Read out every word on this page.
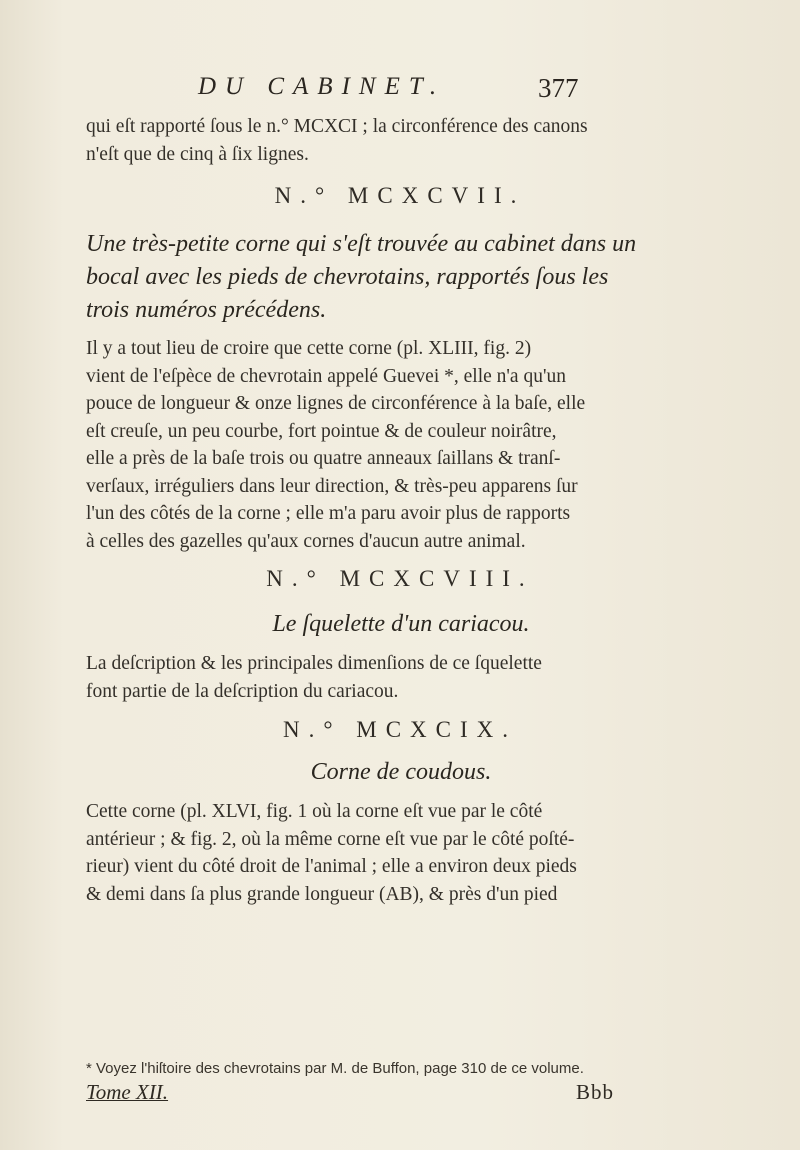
DU CABINET.	377
qui eſt rapporté ſous le n.° MCXCI ; la circonférence des canons
n'eſt que de cinq à ſix lignes.
N.° MCXCVII.
Une très-petite corne qui s'eſt trouvée au cabinet dans un
bocal avec les pieds de chevrotains, rapportés ſous les
trois numéros précédens.
Il y a tout lieu de croire que cette corne (pl. XLIII, fig. 2)
vient de l'eſpèce de chevrotain appelé Guevei *, elle n'a qu'un
pouce de longueur & onze lignes de circonférence à la baſe, elle
eſt creuſe, un peu courbe, fort pointue & de couleur noirâtre,
elle a près de la baſe trois ou quatre anneaux ſaillans & tranſ-
verſaux, irréguliers dans leur direction, & très-peu apparens ſur
l'un des côtés de la corne ; elle m'a paru avoir plus de rapports
à celles des gazelles qu'aux cornes d'aucun autre animal.
N.° MCXCVIII.
Le ſquelette d'un cariacou.
La deſcription & les principales dimenſions de ce ſquelette
font partie de la deſcription du cariacou.
N.° MCXCIX.
Corne de coudous.
Cette corne (pl. XLVI, fig. 1 où la corne eſt vue par le côté
antérieur ; & fig. 2, où la même corne eſt vue par le côté poſté-
rieur) vient du côté droit de l'animal ; elle a environ deux pieds
& demi dans ſa plus grande longueur (AB), & près d'un pied
* Voyez l'hiſtoire des chevrotains par M. de Buffon, page 310 de ce volume.
Tome XII.	Bbb
